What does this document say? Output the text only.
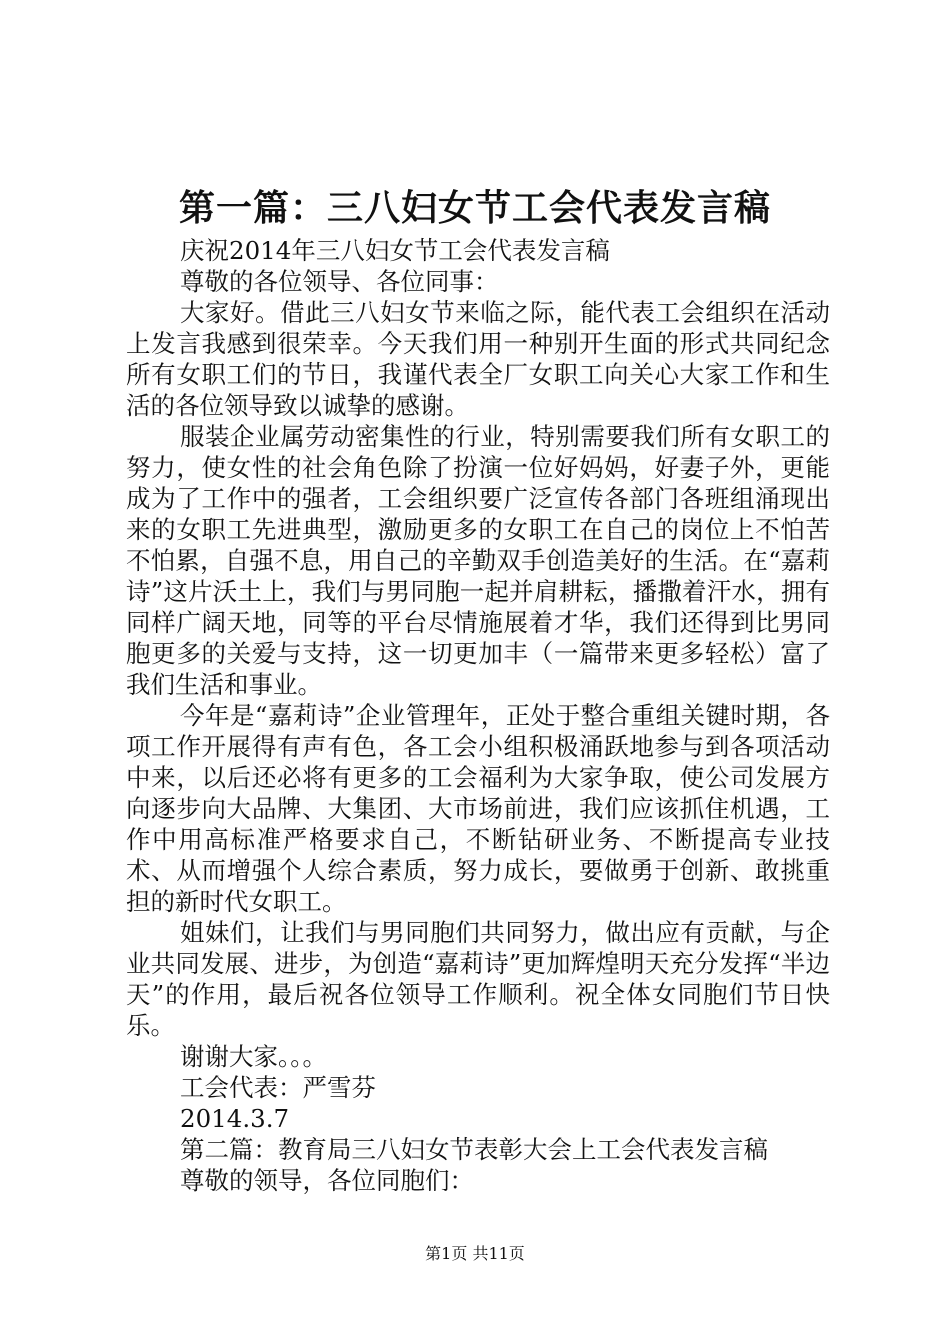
第一篇：三八妇女节工会代表发言稿

庆祝2014年三八妇女节工会代表发言稿

尊敬的各位领导、各位同事：

大家好。借此三八妇女节来临之际，能代表工会组织在活动上发言我感到很荣幸。今天我们用一种别开生面的形式共同纪念所有女职工们的节日，我谨代表全厂女职工向关心大家工作和生活的各位领导致以诚挚的感谢。

服装企业属劳动密集性的行业，特别需要我们所有女职工的努力，使女性的社会角色除了扮演一位好妈妈，好妻子外，更能成为了工作中的强者，工会组织要广泛宣传各部门各班组涌现出来的女职工先进典型，激励更多的女职工在自己的岗位上不怕苦不怕累，自强不息，用自己的辛勤双手创造美好的生活。在“嘉莉诗”这片沃土上，我们与男同胞一起并肩耕耘，播撒着汗水，拥有同样广阔天地，同等的平台尽情施展着才华，我们还得到比男同胞更多的关爱与支持，这一切更加丰（一篇带来更多轻松）富了我们生活和事业。

今年是“嘉莉诗”企业管理年，正处于整合重组关键时期，各项工作开展得有声有色，各工会小组积极涌跃地参与到各项活动中来，以后还必将有更多的工会福利为大家争取，使公司发展方向逐步向大品牌、大集团、大市场前进，我们应该抓住机遇，工作中用高标准严格要求自己，不断钻研业务、不断提高专业技术、从而增强个人综合素质，努力成长，要做勇于创新、敢挑重担的新时代女职工。

姐妹们，让我们与男同胞们共同努力，做出应有贡献，与企业共同发展、进步，为创造“嘉莉诗”更加辉煌明天充分发挥“半边天”的作用，最后祝各位领导工作顺利。祝全体女同胞们节日快乐。

谢谢大家。。。

工会代表：严雪芬

2014.3.7

第二篇：教育局三八妇女节表彰大会上工会代表发言稿

尊敬的领导，各位同胞们：

第1页 共11页
